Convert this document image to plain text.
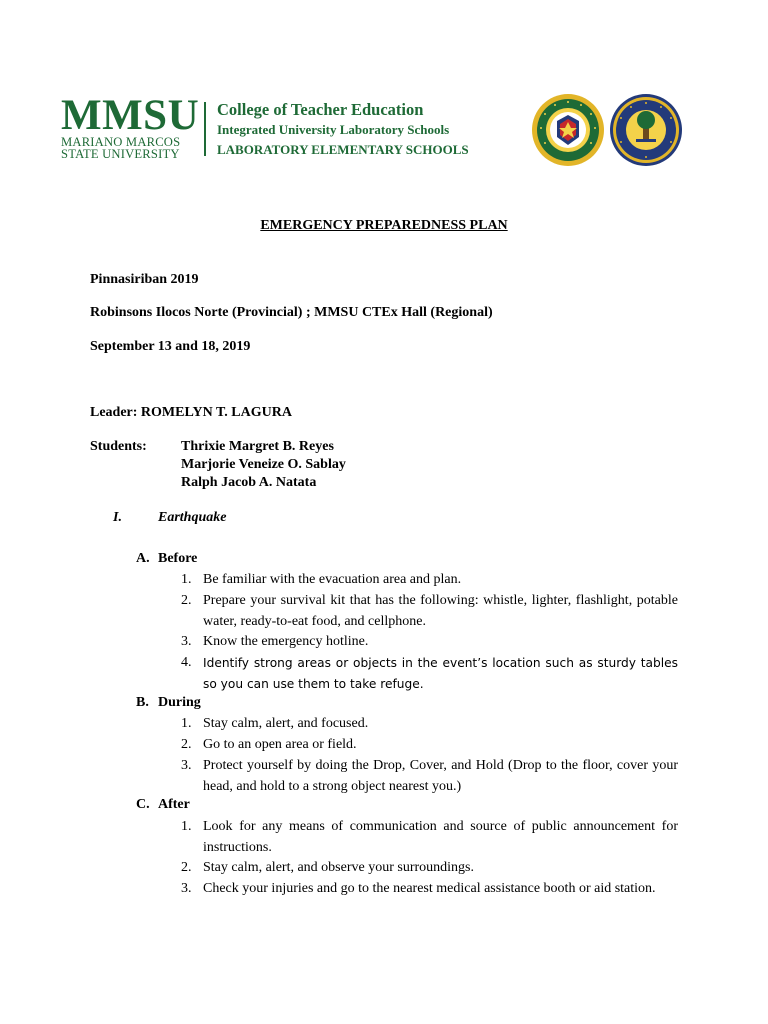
MMSU
MARIANO MARCOS
STATE UNIVERSITY
College of Teacher Education
Integrated University Laboratory Schools
LABORATORY ELEMENTARY SCHOOLS
EMERGENCY PREPAREDNESS PLAN
Pinnasiriban 2019
Robinsons Ilocos Norte (Provincial) ; MMSU CTEx Hall (Regional)
September 13 and 18, 2019
Leader: ROMELYN T. LAGURA
Students: Thrixie Margret B. Reyes
Marjorie Veneize O. Sablay
Ralph Jacob A. Natata
I.	Earthquake
A. Before
1. Be familiar with the evacuation area and plan.
2. Prepare your survival kit that has the following: whistle, lighter, flashlight, potable water, ready-to-eat food, and cellphone.
3. Know the emergency hotline.
4. Identify strong areas or objects in the event’s location such as sturdy tables so you can use them to take refuge.
B. During
1. Stay calm, alert, and focused.
2. Go to an open area or field.
3. Protect yourself by doing the Drop, Cover, and Hold (Drop to the floor, cover your head, and hold to a strong object nearest you.)
C. After
1. Look for any means of communication and source of public announcement for instructions.
2. Stay calm, alert, and observe your surroundings.
3. Check your injuries and go to the nearest medical assistance booth or aid station.
